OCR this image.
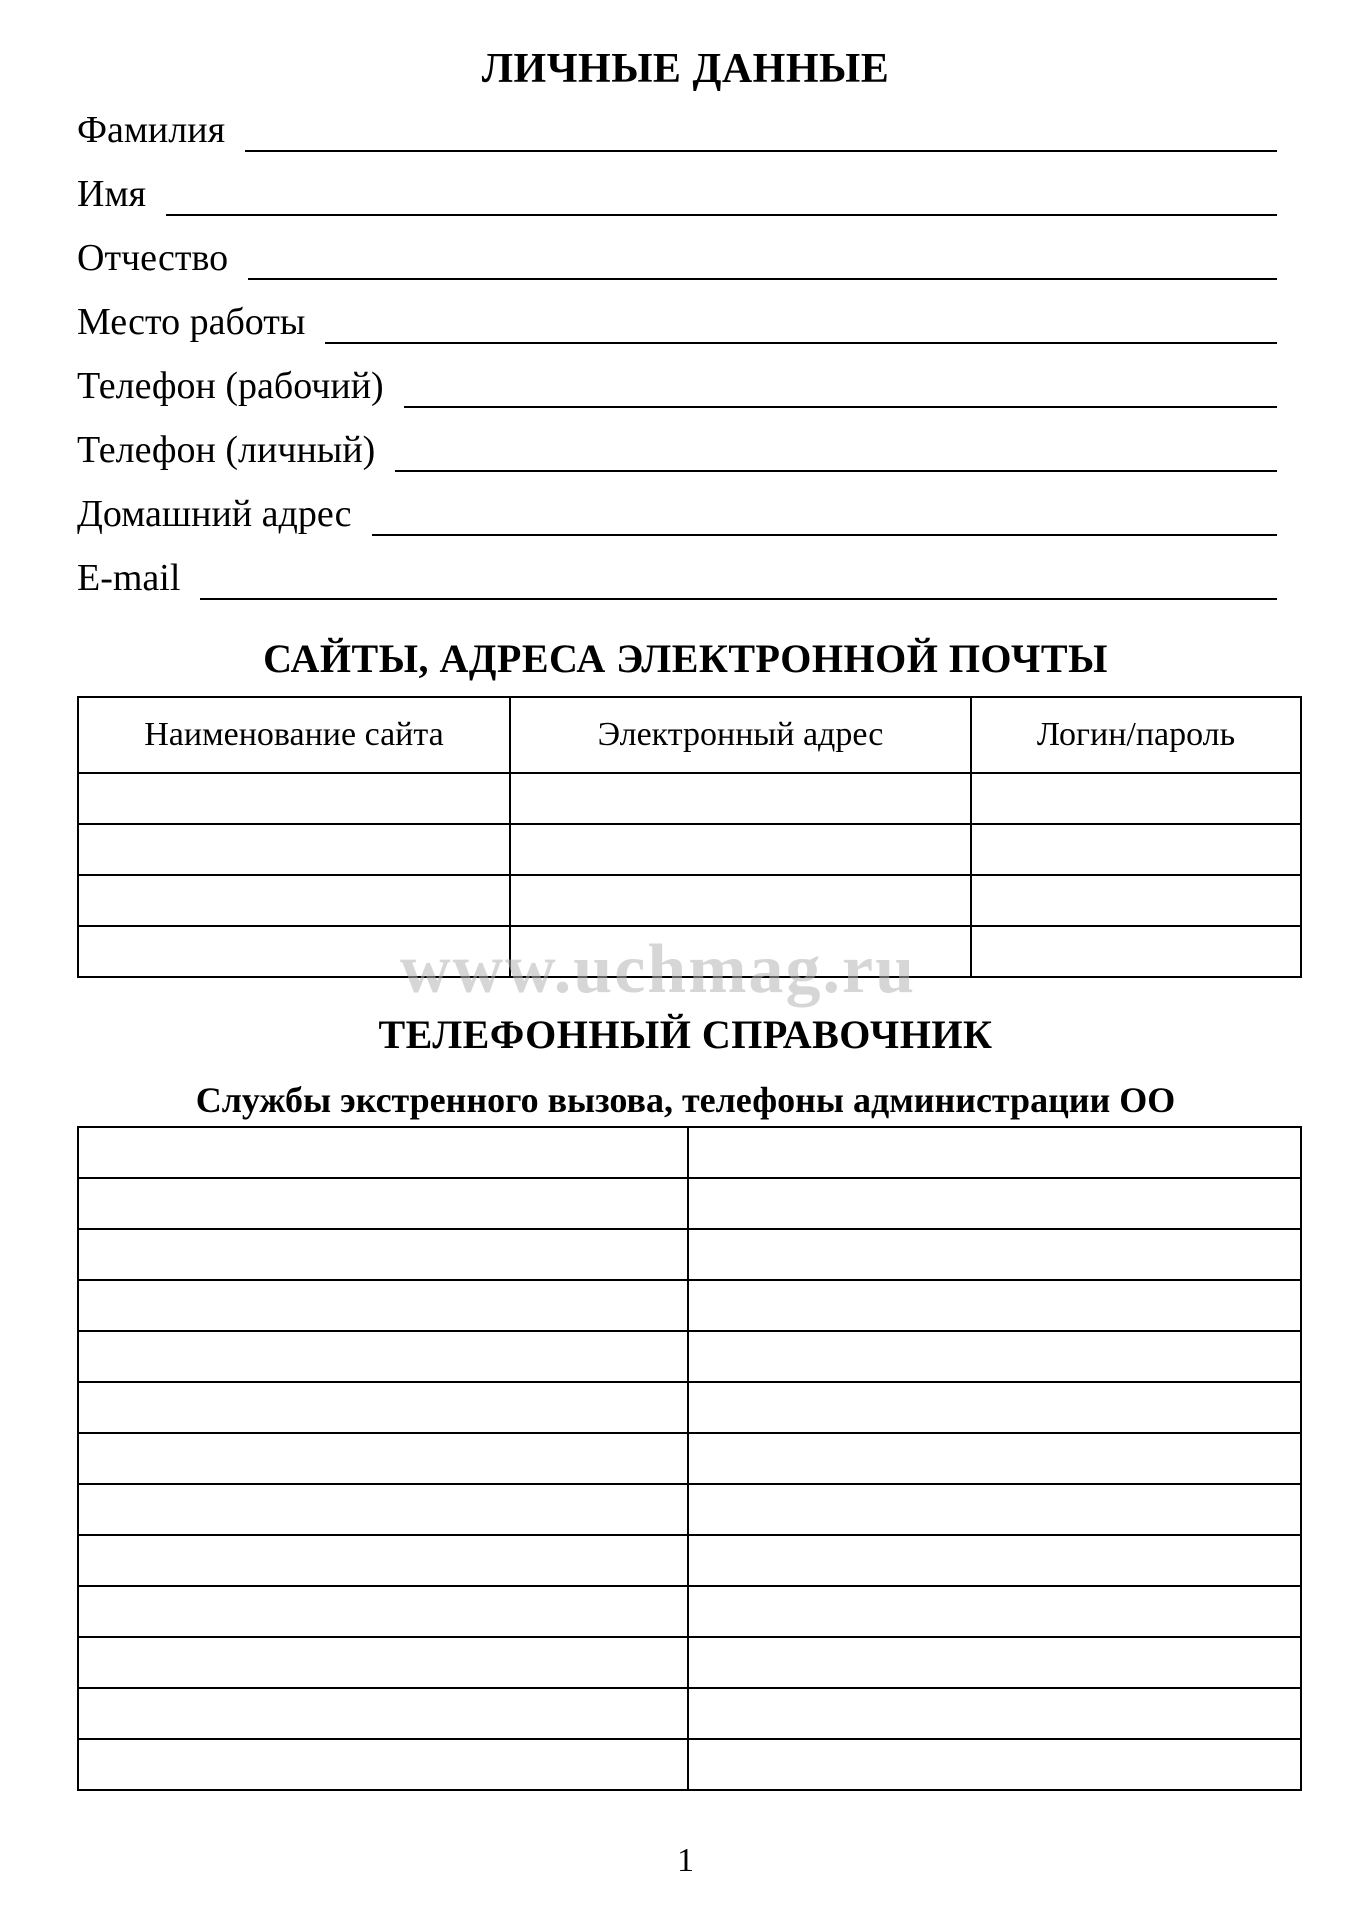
ЛИЧНЫЕ ДАННЫЕ
Фамилия
Имя
Отчество
Место работы
Телефон (рабочий)
Телефон (личный)
Домашний адрес
E-mail
САЙТЫ, АДРЕСА ЭЛЕКТРОННОЙ ПОЧТЫ
Наименование сайта	Электронный адрес	Логин/пароль

www.uchmag.ru
ТЕЛЕФОННЫЙ СПРАВОЧНИК
Службы экстренного вызова, телефоны администрации ОО

1
